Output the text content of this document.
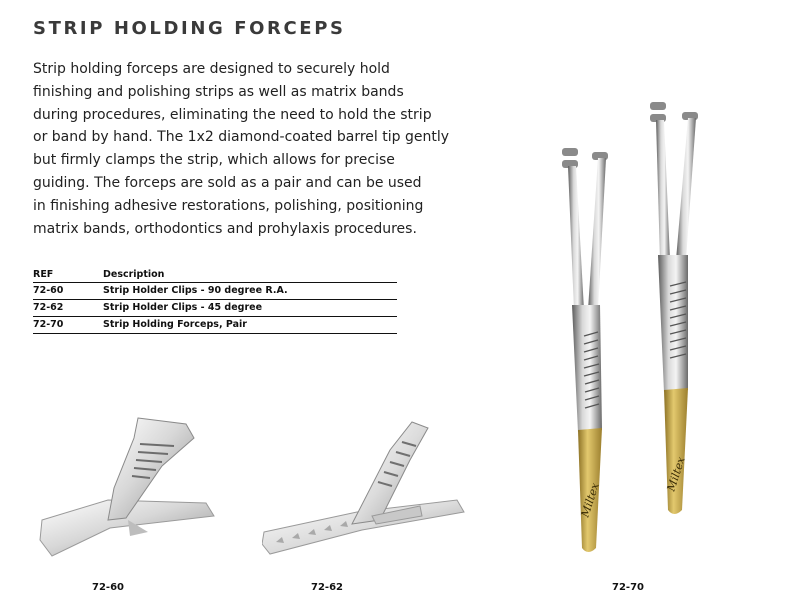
STRIP HOLDING FORCEPS
Strip holding forceps are designed to securely hold
finishing and polishing strips as well as matrix bands
during procedures, eliminating the need to hold the strip
or band by hand. The 1x2 diamond-coated barrel tip gently
but firmly clamps the strip, which allows for precise
guiding. The forceps are sold as a pair and can be used
in finishing adhesive restorations, polishing, positioning
matrix bands, orthodontics and prohylaxis procedures.
REF	Description
72-60	Strip Holder Clips - 90 degree R.A.
72-62	Strip Holder Clips - 45 degree
72-70	Strip Holding Forceps, Pair
Miltex
Miltex
72-60	72-62	72-70
